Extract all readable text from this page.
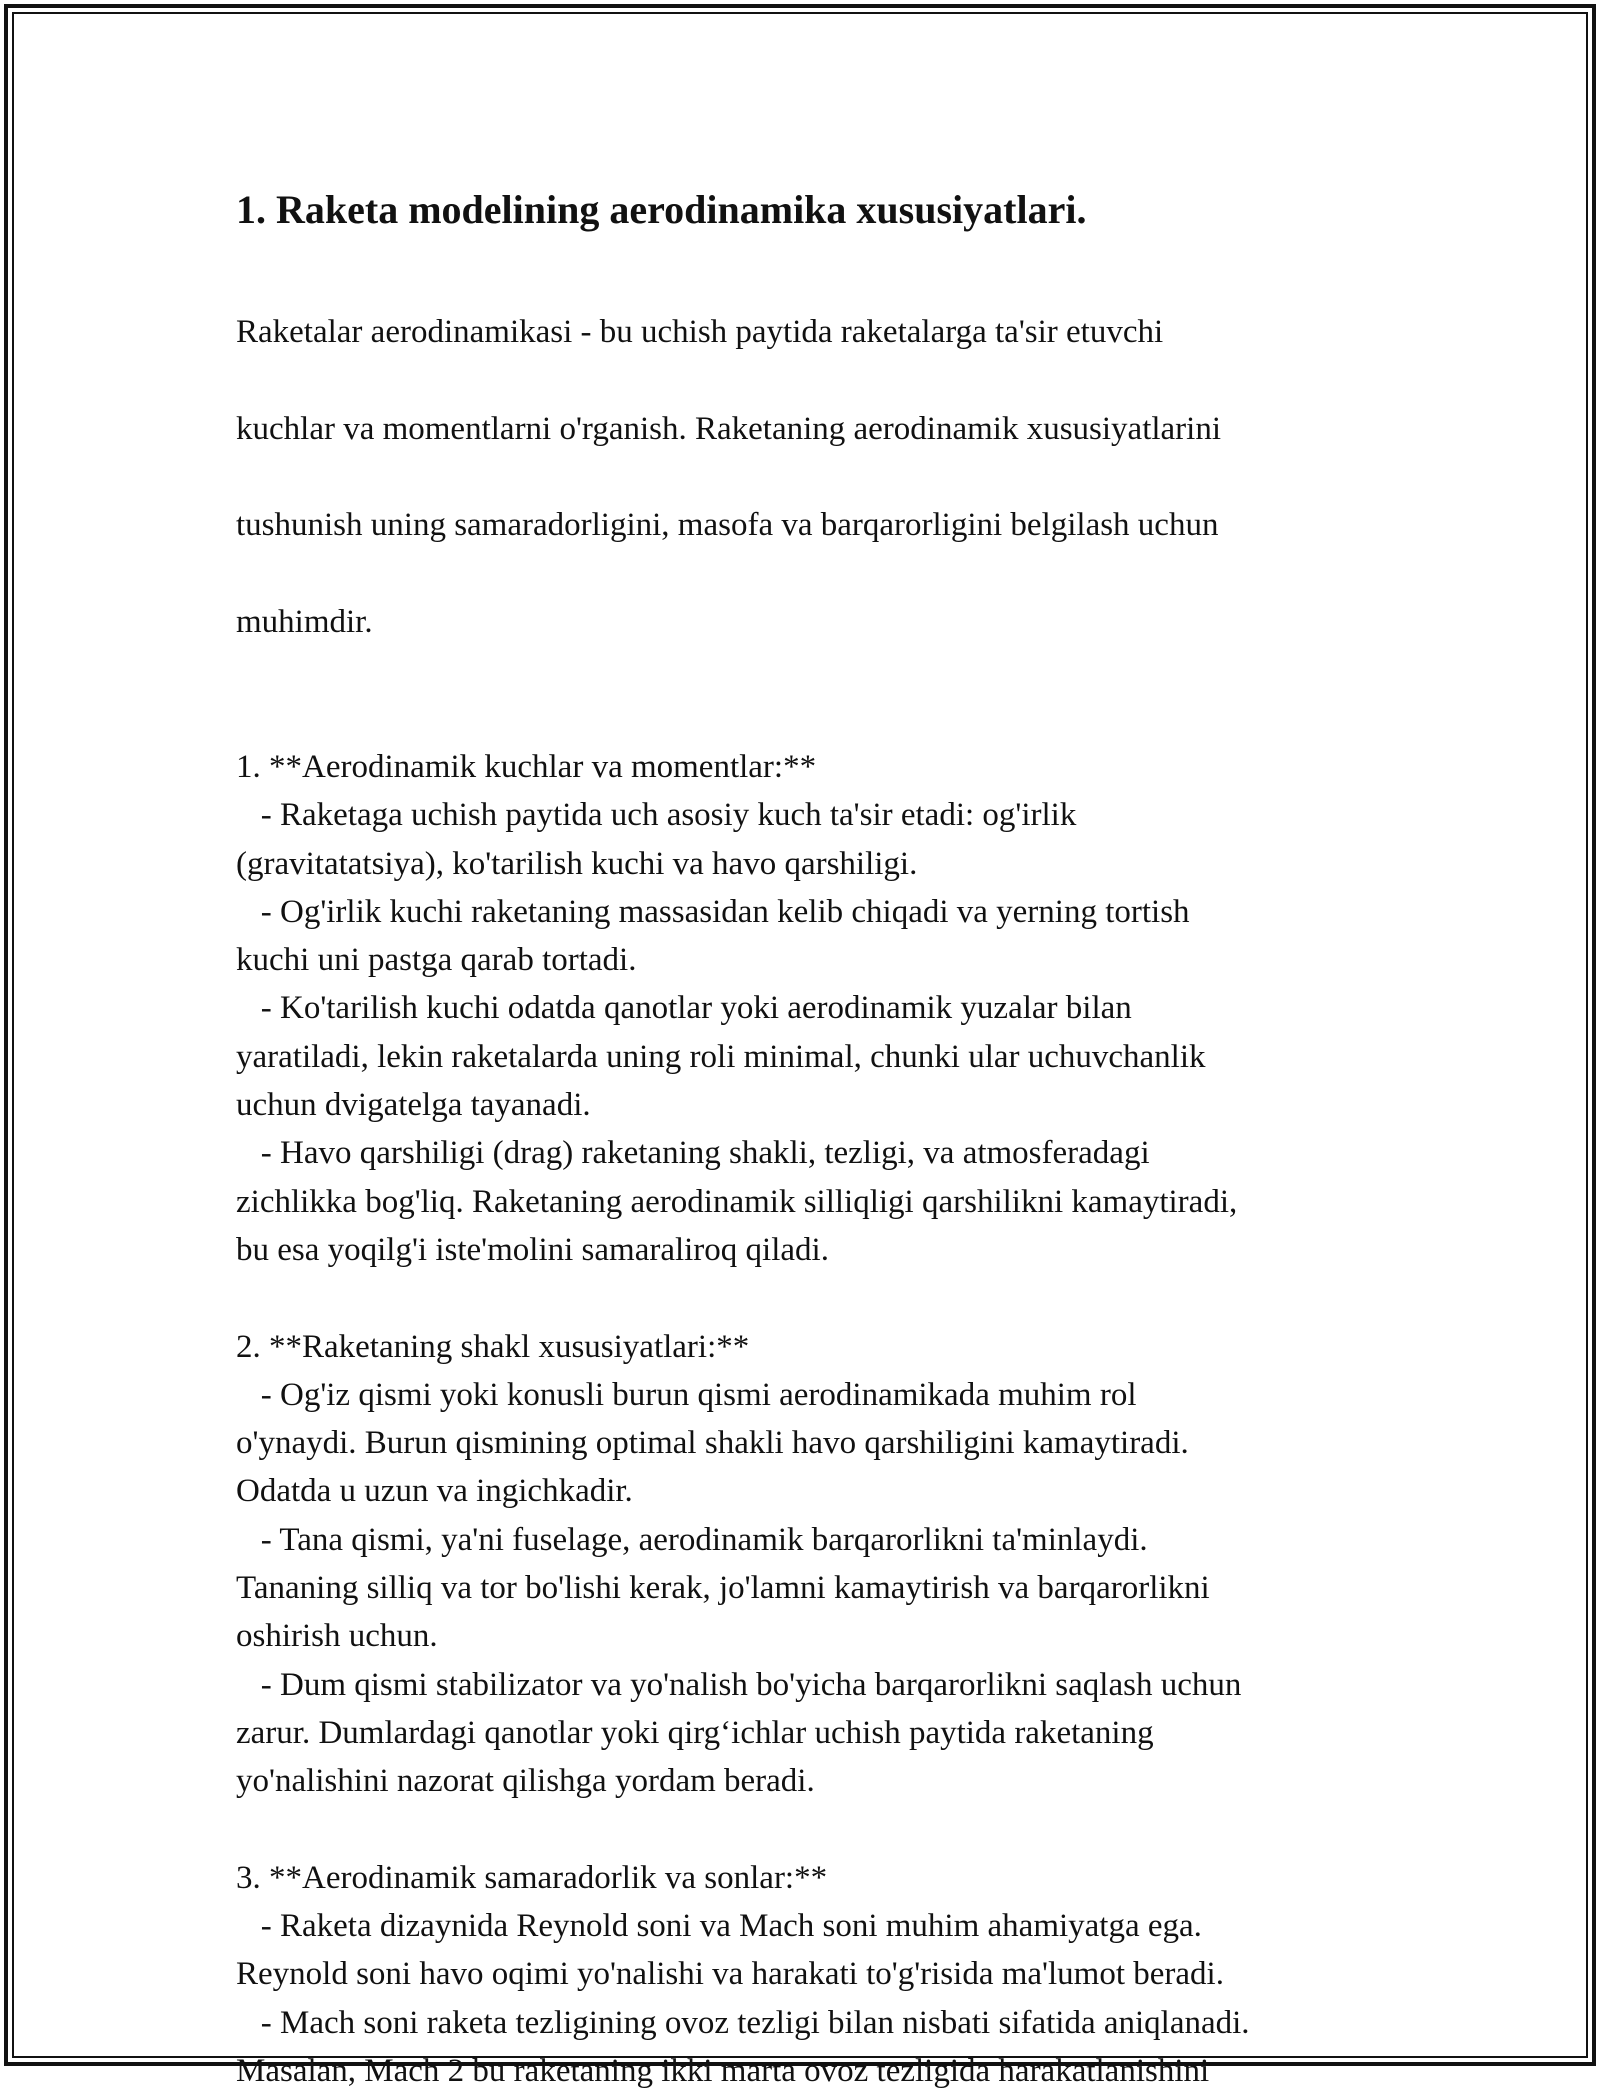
1. Raketa modelining aerodinamika xususiyatlari.

Raketalar aerodinamikasi - bu uchish paytida raketalarga ta'sir etuvchi

kuchlar va momentlarni o'rganish. Raketaning aerodinamik xususiyatlarini

tushunish uning samaradorligini, masofa va barqarorligini belgilash uchun

muhimdir.

1. **Aerodinamik kuchlar va momentlar:**
- Raketaga uchish paytida uch asosiy kuch ta'sir etadi: og'irlik
(gravitatatsiya), ko'tarilish kuchi va havo qarshiligi.
- Og'irlik kuchi raketaning massasidan kelib chiqadi va yerning tortish
kuchi uni pastga qarab tortadi.
- Ko'tarilish kuchi odatda qanotlar yoki aerodinamik yuzalar bilan
yaratiladi, lekin raketalarda uning roli minimal, chunki ular uchuvchanlik
uchun dvigatelga tayanadi.
- Havo qarshiligi (drag) raketaning shakli, tezligi, va atmosferadagi
zichlikka bog'liq. Raketaning aerodinamik silliqligi qarshilikni kamaytiradi,
bu esa yoqilg'i iste'molini samaraliroq qiladi.
2. **Raketaning shakl xususiyatlari:**
- Og'iz qismi yoki konusli burun qismi aerodinamikada muhim rol
o'ynaydi. Burun qismining optimal shakli havo qarshiligini kamaytiradi.
Odatda u uzun va ingichkadir.
- Tana qismi, ya'ni fuselage, aerodinamik barqarorlikni ta'minlaydi.
Tananing silliq va tor bo'lishi kerak, jo'lamni kamaytirish va barqarorlikni
oshirish uchun.
- Dum qismi stabilizator va yo'nalish bo'yicha barqarorlikni saqlash uchun
zarur. Dumlardagi qanotlar yoki qirg‘ichlar uchish paytida raketaning
yo'nalishini nazorat qilishga yordam beradi.
3. **Aerodinamik samaradorlik va sonlar:**
- Raketa dizaynida Reynold soni va Mach soni muhim ahamiyatga ega.
Reynold soni havo oqimi yo'nalishi va harakati to'g'risida ma'lumot beradi.
- Mach soni raketa tezligining ovoz tezligi bilan nisbati sifatida aniqlanadi.
Masalan, Mach 2 bu raketaning ikki marta ovoz tezligida harakatlanishini
